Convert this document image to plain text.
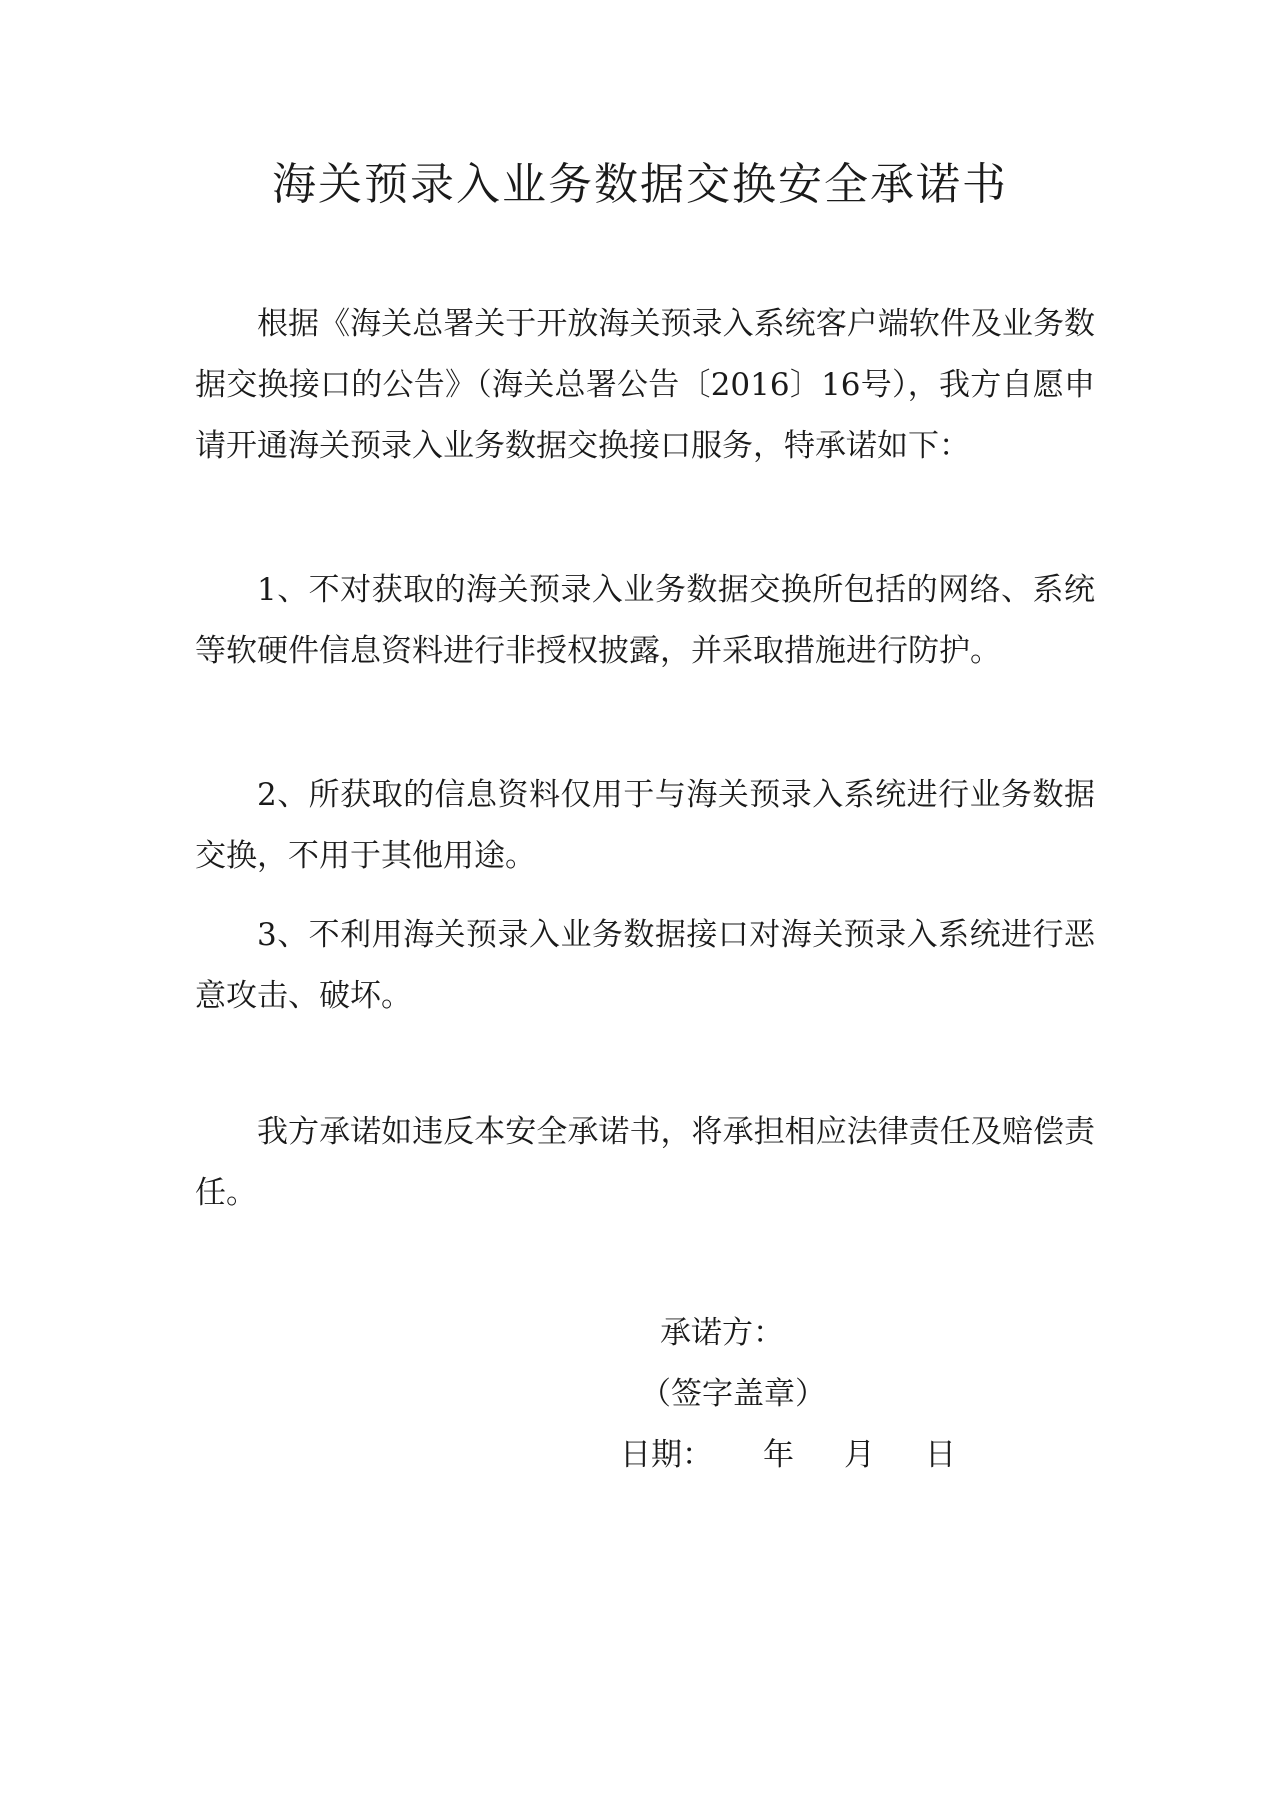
海关预录入业务数据交换安全承诺书

根据《海关总署关于开放海关预录入系统客户端软件及业务数据交换接口的公告》（海关总署公告〔2016〕16号），我方自愿申请开通海关预录入业务数据交换接口服务，特承诺如下：

1、不对获取的海关预录入业务数据交换所包括的网络、系统等软硬件信息资料进行非授权披露，并采取措施进行防护。

2、所获取的信息资料仅用于与海关预录入系统进行业务数据交换，不用于其他用途。

3、不利用海关预录入业务数据接口对海关预录入系统进行恶意攻击、破坏。

我方承诺如违反本安全承诺书，将承担相应法律责任及赔偿责任。

承诺方：
（签字盖章）
日期： 年 月 日
